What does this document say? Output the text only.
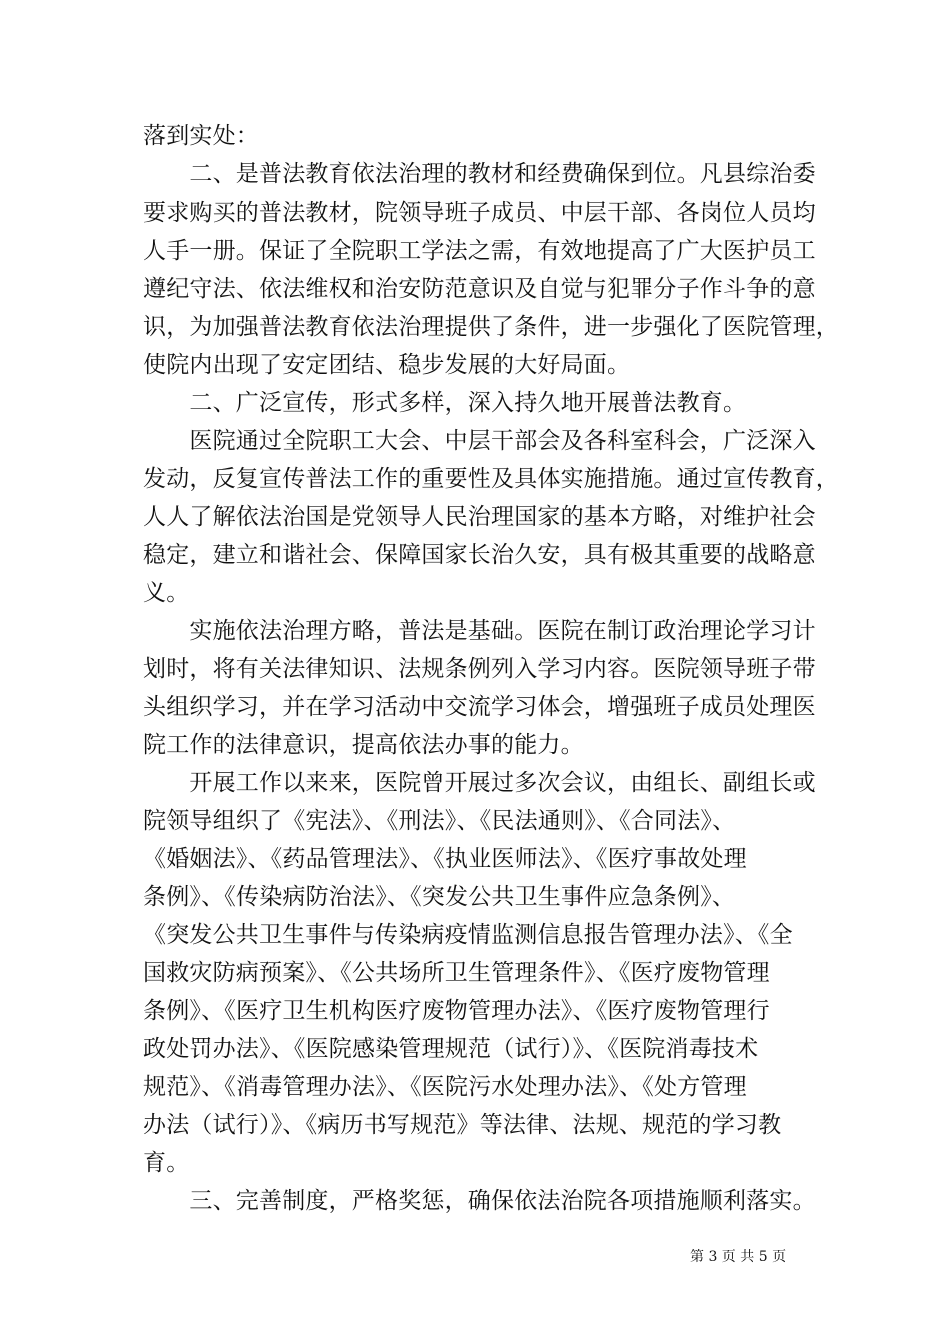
落到实处：
　　二、是普法教育依法治理的教材和经费确保到位。凡县综治委
要求购买的普法教材，院领导班子成员、中层干部、各岗位人员均
人手一册。保证了全院职工学法之需，有效地提高了广大医护员工
遵纪守法、依法维权和治安防范意识及自觉与犯罪分子作斗争的意
识，为加强普法教育依法治理提供了条件，进一步强化了医院管理，
使院内出现了安定团结、稳步发展的大好局面。
　　二、广泛宣传，形式多样，深入持久地开展普法教育。
　　医院通过全院职工大会、中层干部会及各科室科会，广泛深入
发动，反复宣传普法工作的重要性及具体实施措施。通过宣传教育，
人人了解依法治国是党领导人民治理国家的基本方略，对维护社会
稳定，建立和谐社会、保障国家长治久安，具有极其重要的战略意
义。
　　实施依法治理方略，普法是基础。医院在制订政治理论学习计
划时，将有关法律知识、法规条例列入学习内容。医院领导班子带
头组织学习，并在学习活动中交流学习体会，增强班子成员处理医
院工作的法律意识，提高依法办事的能力。
　　开展工作以来来，医院曾开展过多次会议，由组长、副组长或
院领导组织了《宪法》、《刑法》、《民法通则》、《合同法》、
《婚姻法》、《药品管理法》、《执业医师法》、《医疗事故处理
条例》、《传染病防治法》、《突发公共卫生事件应急条例》、
《突发公共卫生事件与传染病疫情监测信息报告管理办法》、《全
国救灾防病预案》、《公共场所卫生管理条件》、《医疗废物管理
条例》、《医疗卫生机构医疗废物管理办法》、《医疗废物管理行
政处罚办法》、《医院感染管理规范（试行）》、《医院消毒技术
规范》、《消毒管理办法》、《医院污水处理办法》、《处方管理
办法（试行）》、《病历书写规范》等法律、法规、规范的学习教
育。
　　三、完善制度，严格奖惩，确保依法治院各项措施顺利落实。
第 3 页 共 5 页
